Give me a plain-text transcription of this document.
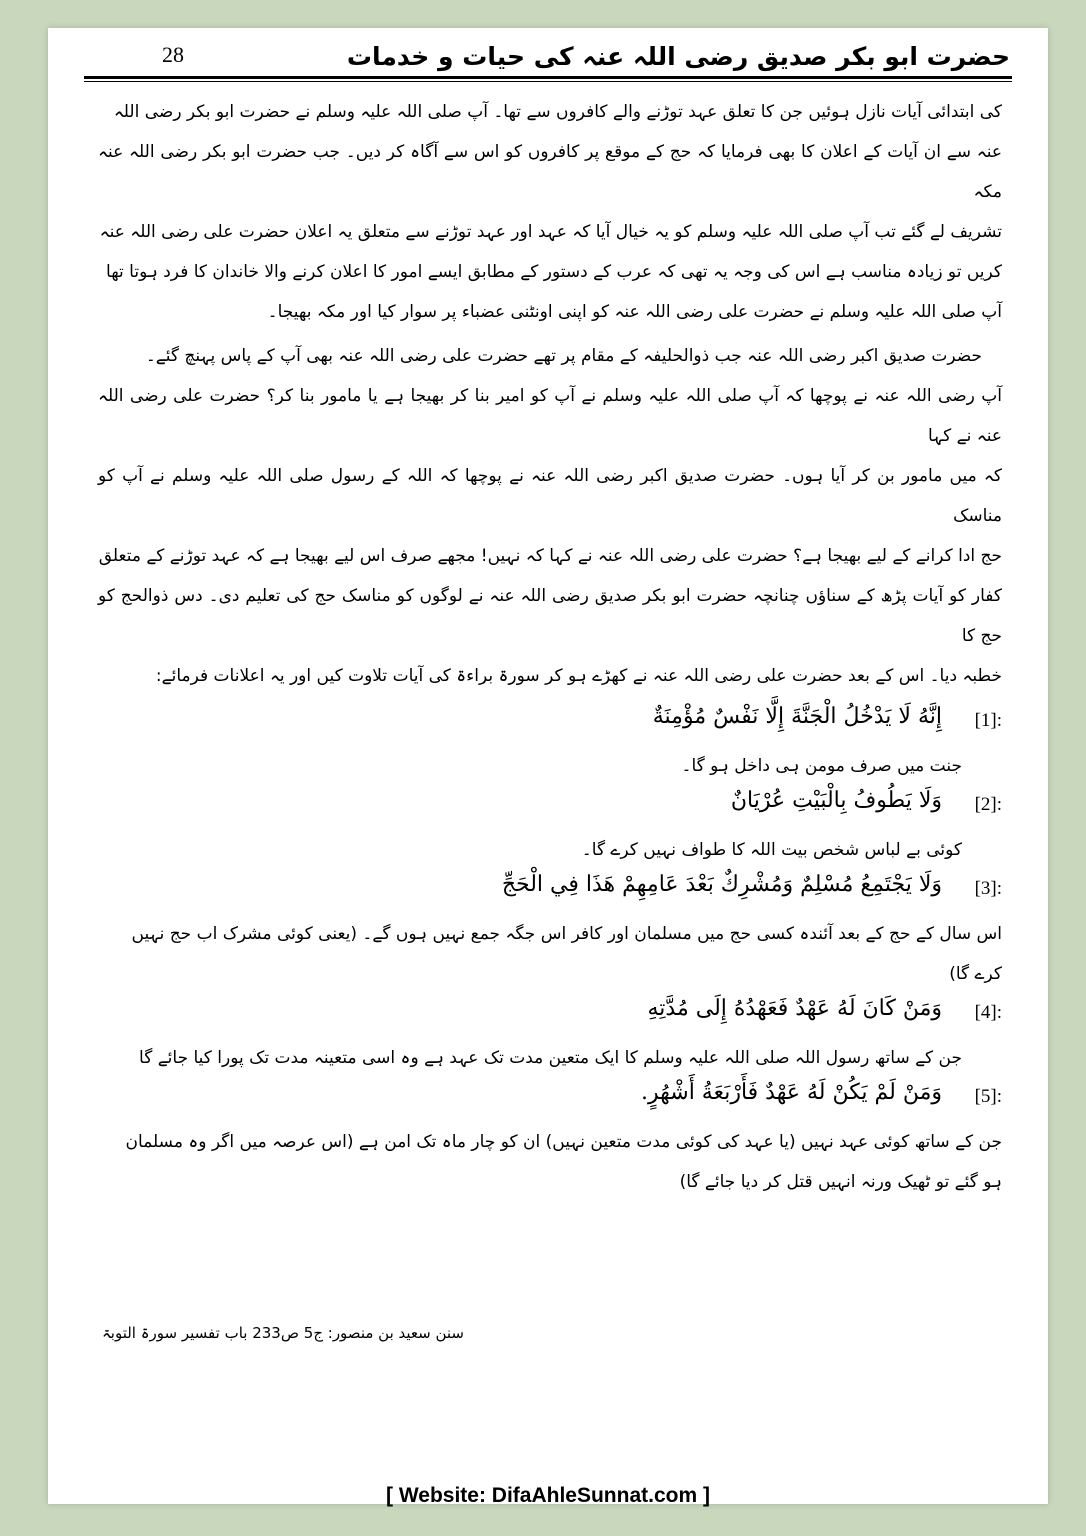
حضرت ابو بکر صدیق رضی اللہ عنہ کی حیات و خدمات
28

کی ابتدائی آیات نازل ہوئیں جن کا تعلق عہد توڑنے والے کافروں سے تھا۔ آپ صلی اللہ علیہ وسلم نے حضرت ابو بکر رضی اللہ

عنہ سے ان آیات کے اعلان کا بھی فرمایا کہ حج کے موقع پر کافروں کو اس سے آگاہ کر دیں۔ جب حضرت ابو بکر رضی اللہ عنہ مکہ

تشریف لے گئے تب آپ صلی اللہ علیہ وسلم کو یہ خیال آیا کہ عہد اور عہد توڑنے سے متعلق یہ اعلان حضرت علی رضی اللہ عنہ

کریں تو زیادہ مناسب ہے اس کی وجہ یہ تھی کہ عرب کے دستور کے مطابق ایسے امور کا اعلان کرنے والا خاندان کا فرد ہوتا تھا

آپ صلی اللہ علیہ وسلم نے حضرت علی رضی اللہ عنہ کو اپنی اونٹنی عضباء پر سوار کیا اور مکہ بھیجا۔

حضرت صدیق اکبر رضی اللہ عنہ جب ذوالحلیفہ کے مقام پر تھے حضرت علی رضی اللہ عنہ بھی آپ کے پاس پہنچ گئے۔

آپ رضی اللہ عنہ نے پوچھا کہ آپ صلی اللہ علیہ وسلم نے آپ کو امیر بنا کر بھیجا ہے یا مامور بنا کر؟ حضرت علی رضی اللہ عنہ نے کہا

کہ میں مامور بن کر آیا ہوں۔ حضرت صدیق اکبر رضی اللہ عنہ نے پوچھا کہ اللہ کے رسول صلی اللہ علیہ وسلم نے آپ کو مناسک

حج ادا کرانے کے لیے بھیجا ہے؟ حضرت علی رضی اللہ عنہ نے کہا کہ نہیں! مجھے صرف اس لیے بھیجا ہے کہ عہد توڑنے کے متعلق

کفار کو آیات پڑھ کے سناؤں چنانچہ حضرت ابو بکر صدیق رضی اللہ عنہ نے لوگوں کو مناسک حج کی تعلیم دی۔ دس ذوالحج کو حج کا

خطبہ دیا۔ اس کے بعد حضرت علی رضی اللہ عنہ نے کھڑے ہو کر سورۃ براءۃ کی آیات تلاوت کیں اور یہ اعلانات فرمائے:

[1]:
إِنَّهُ لَا يَدْخُلُ الْجَنَّةَ إِلَّا نَفْسٌ مُؤْمِنَةٌ
جنت میں صرف مومن ہی داخل ہو گا۔
[2]:
وَلَا يَطُوفُ بِالْبَيْتِ عُرْيَانٌ
کوئی بے لباس شخص بیت اللہ کا طواف نہیں کرے گا۔
[3]:
وَلَا يَجْتَمِعُ مُسْلِمٌ وَمُشْرِكٌ بَعْدَ عَامِهِمْ هَذَا فِي الْحَجِّ
اس سال کے حج کے بعد آئندہ کسی حج میں مسلمان اور کافر اس جگہ جمع نہیں ہوں گے۔ (یعنی کوئی مشرک اب حج نہیں
کرے گا)
[4]:
وَمَنْ كَانَ لَهُ عَهْدٌ فَعَهْدُهُ إِلَى مُدَّتِهِ
جن کے ساتھ رسول اللہ صلی اللہ علیہ وسلم کا ایک متعین مدت تک عہد ہے وہ اسی متعینہ مدت تک پورا کیا جائے گا
[5]:
وَمَنْ لَمْ يَكُنْ لَهُ عَهْدٌ فَأَرْبَعَةُ أَشْهُرٍ.
جن کے ساتھ کوئی عہد نہیں (یا عہد کی کوئی مدت متعین نہیں) ان کو چار ماہ تک امن ہے (اس عرصہ میں اگر وہ مسلمان
ہو گئے تو ٹھیک ورنہ انہیں قتل کر دیا جائے گا)
سنن سعید بن منصور: ج5 ص233 باب تفسیر سورۃ التوبۃ
[ Website: DifaAhleSunnat.com ]
